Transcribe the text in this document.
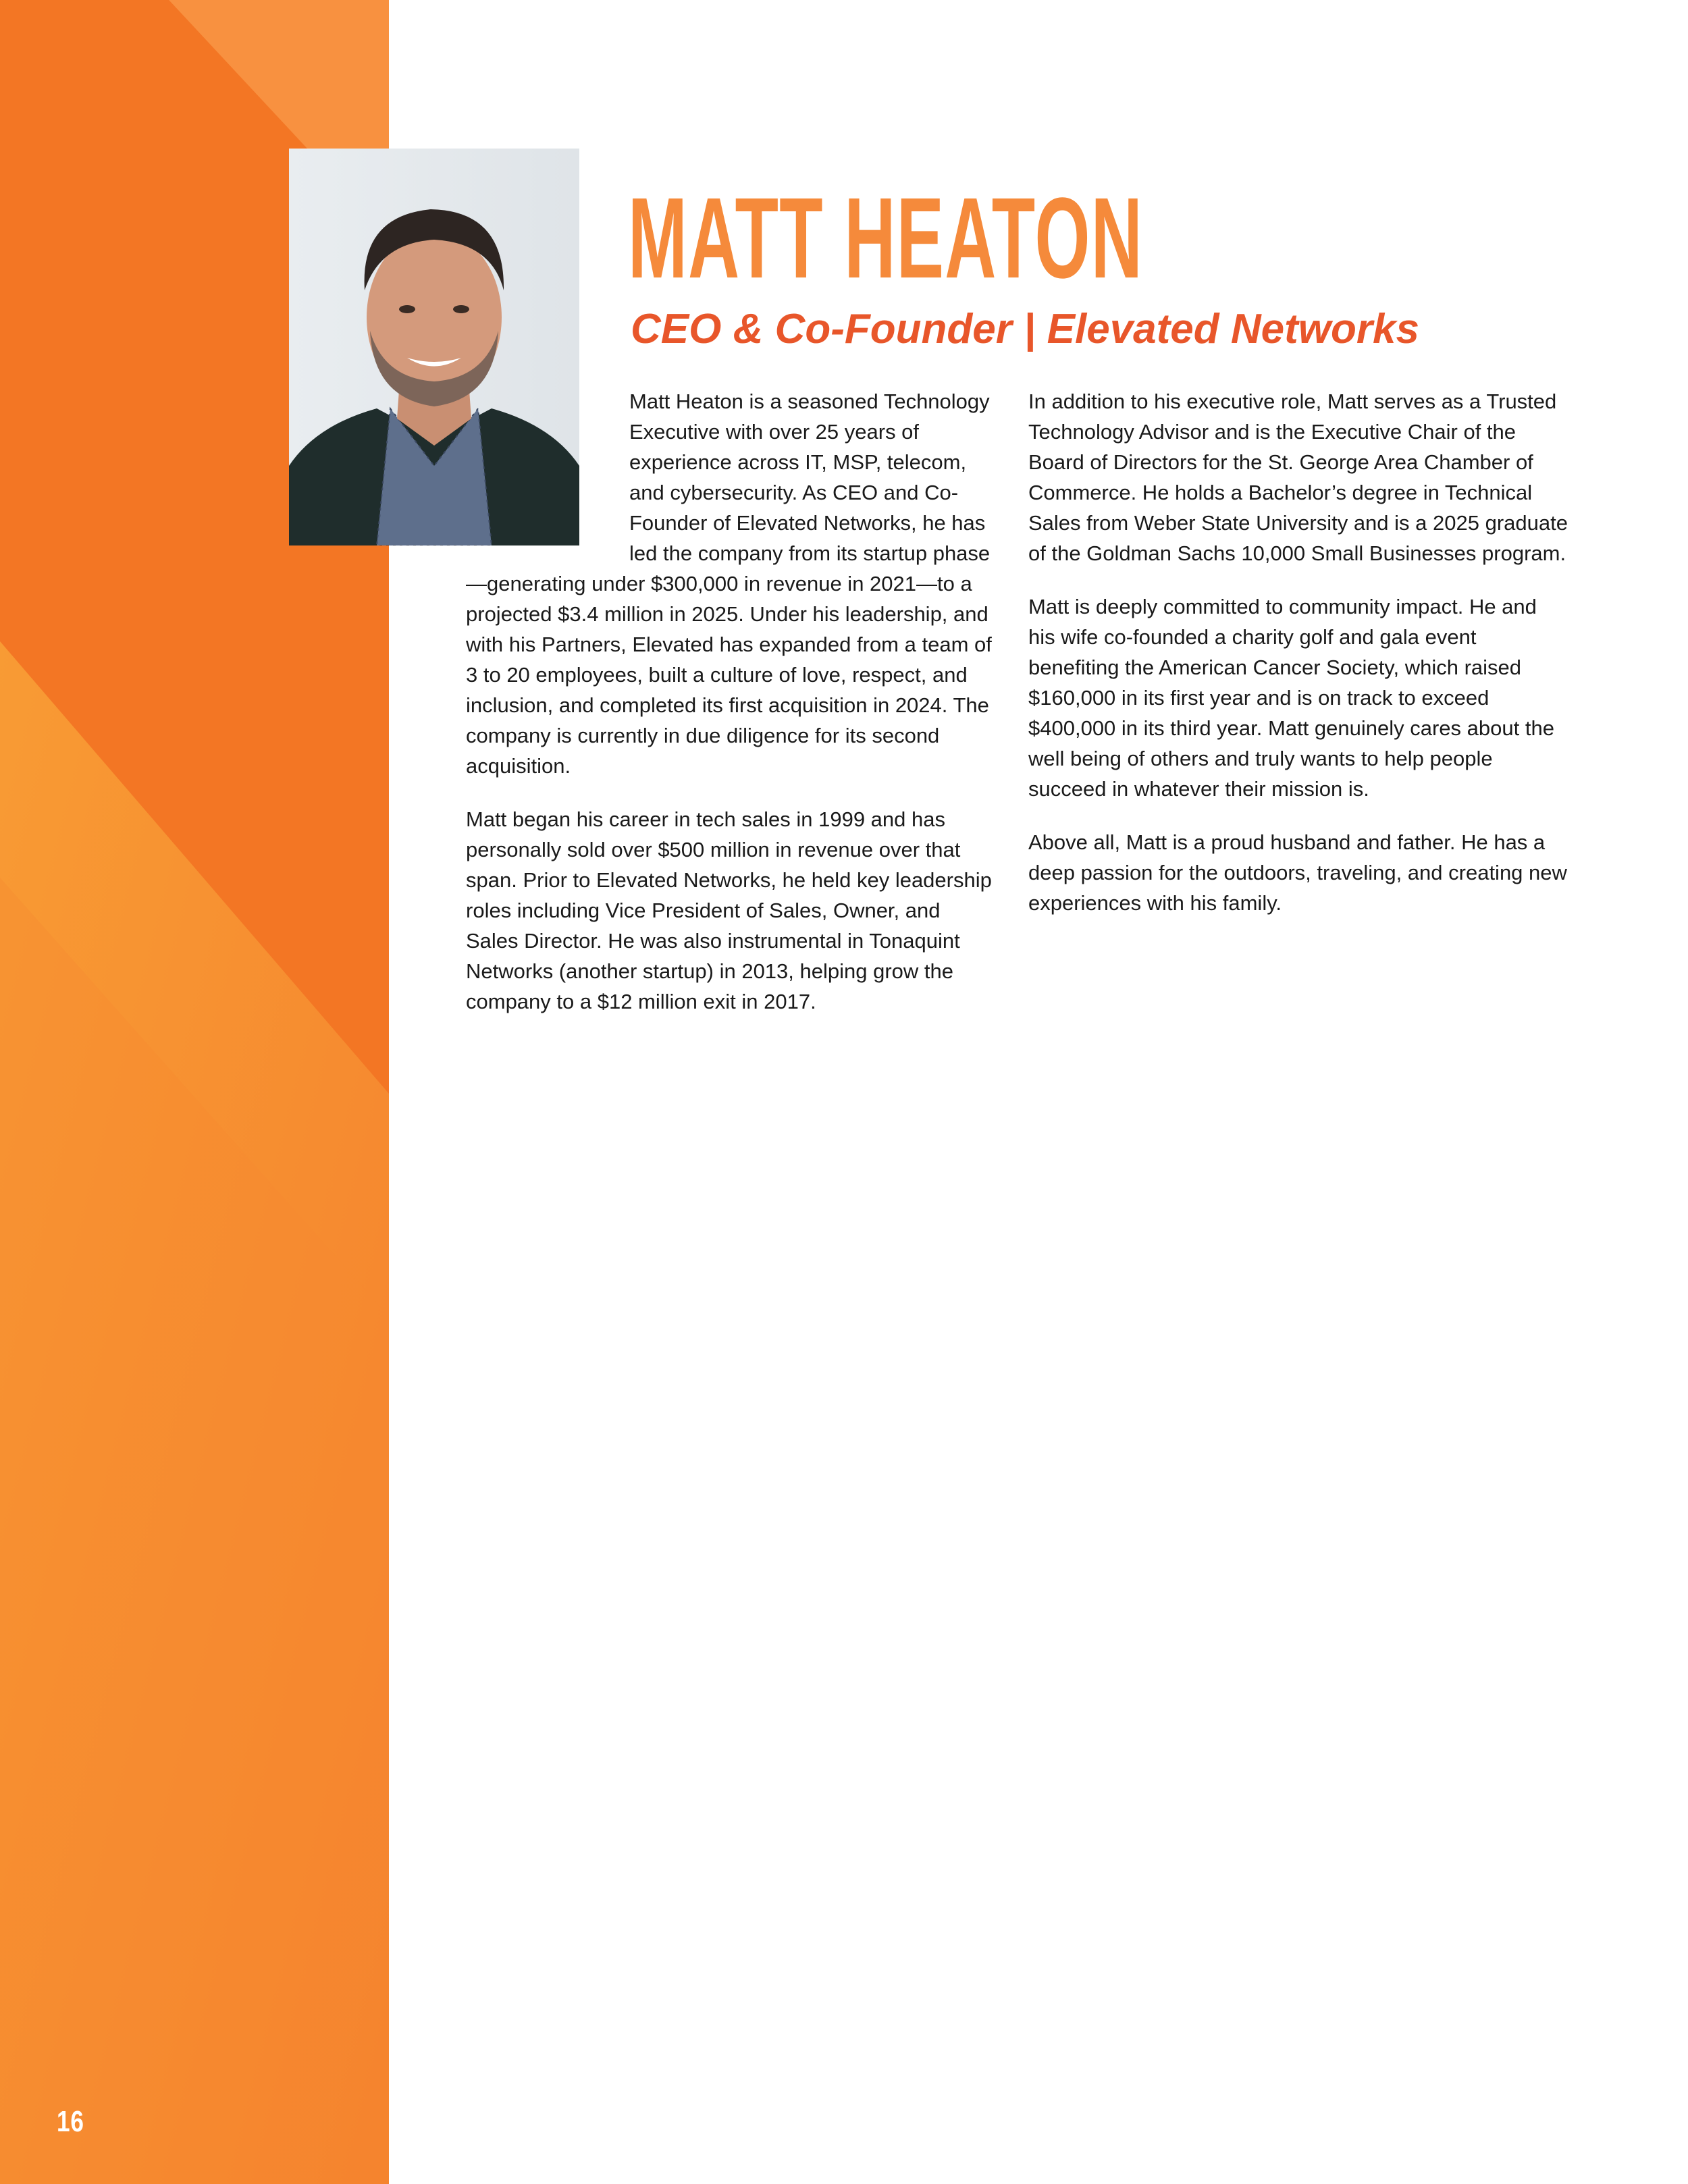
16
MATT HEATON
CEO & Co-Founder | Elevated Networks

Matt Heaton is a seasoned Technology Executive with over 25 years of experience across IT, MSP, telecom, and cybersecurity. As CEO and Co-Founder of Elevated Networks, he has led the company from its startup phase—generating under $300,000 in revenue in 2021—to a projected $3.4 million in 2025. Under his leadership, and with his Partners, Elevated has expanded from a team of 3 to 20 employees, built a culture of love, respect, and inclusion, and completed its first acquisition in 2024. The company is currently in due diligence for its second acquisition.

Matt began his career in tech sales in 1999 and has personally sold over $500 million in revenue over that span. Prior to Elevated Networks, he held key leadership roles including Vice President of Sales, Owner, and Sales Director. He was also instrumental in Tonaquint Networks (another startup) in 2013, helping grow the company to a $12 million exit in 2017.

In addition to his executive role, Matt serves as a Trusted Technology Advisor and is the Executive Chair of the Board of Directors for the St. George Area Chamber of Commerce. He holds a Bachelor’s degree in Technical Sales from Weber State University and is a 2025 graduate of the Goldman Sachs 10,000 Small Businesses program.

Matt is deeply committed to community impact. He and his wife co-founded a charity golf and gala event benefiting the American Cancer Society, which raised $160,000 in its first year and is on track to exceed $400,000 in its third year. Matt genuinely cares about the well being of others and truly wants to help people succeed in whatever their mission is.

Above all, Matt is a proud husband and father. He has a deep passion for the outdoors, traveling, and creating new experiences with his family.
